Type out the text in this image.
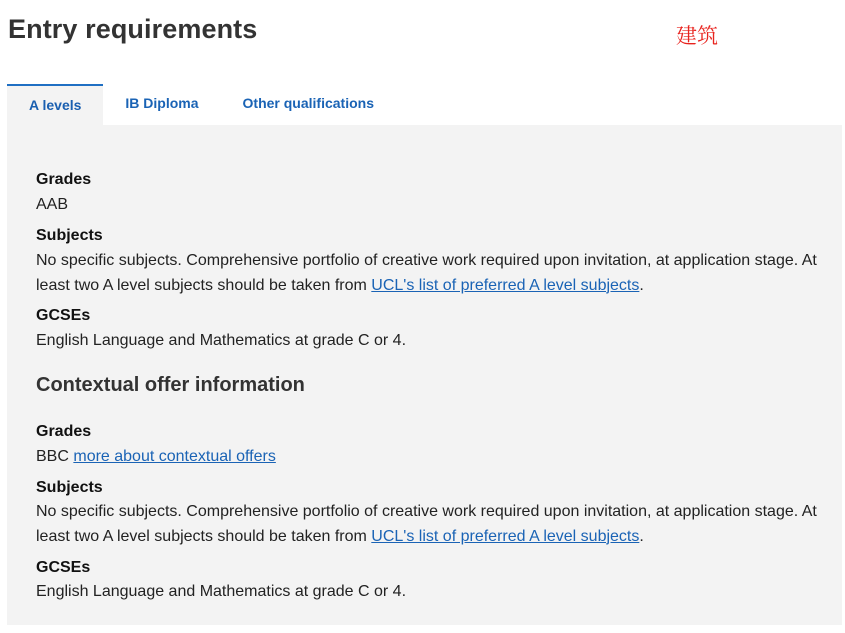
Entry requirements	建筑
A levels	IB Diploma	Other qualifications
Grades
AAB
Subjects
No specific subjects. Comprehensive portfolio of creative work required upon invitation, at application stage. At least two A level subjects should be taken from UCL's list of preferred A level subjects.
GCSEs
English Language and Mathematics at grade C or 4.
Contextual offer information
Grades
BBC more about contextual offers
Subjects
No specific subjects. Comprehensive portfolio of creative work required upon invitation, at application stage. At least two A level subjects should be taken from UCL's list of preferred A level subjects.
GCSEs
English Language and Mathematics at grade C or 4.
